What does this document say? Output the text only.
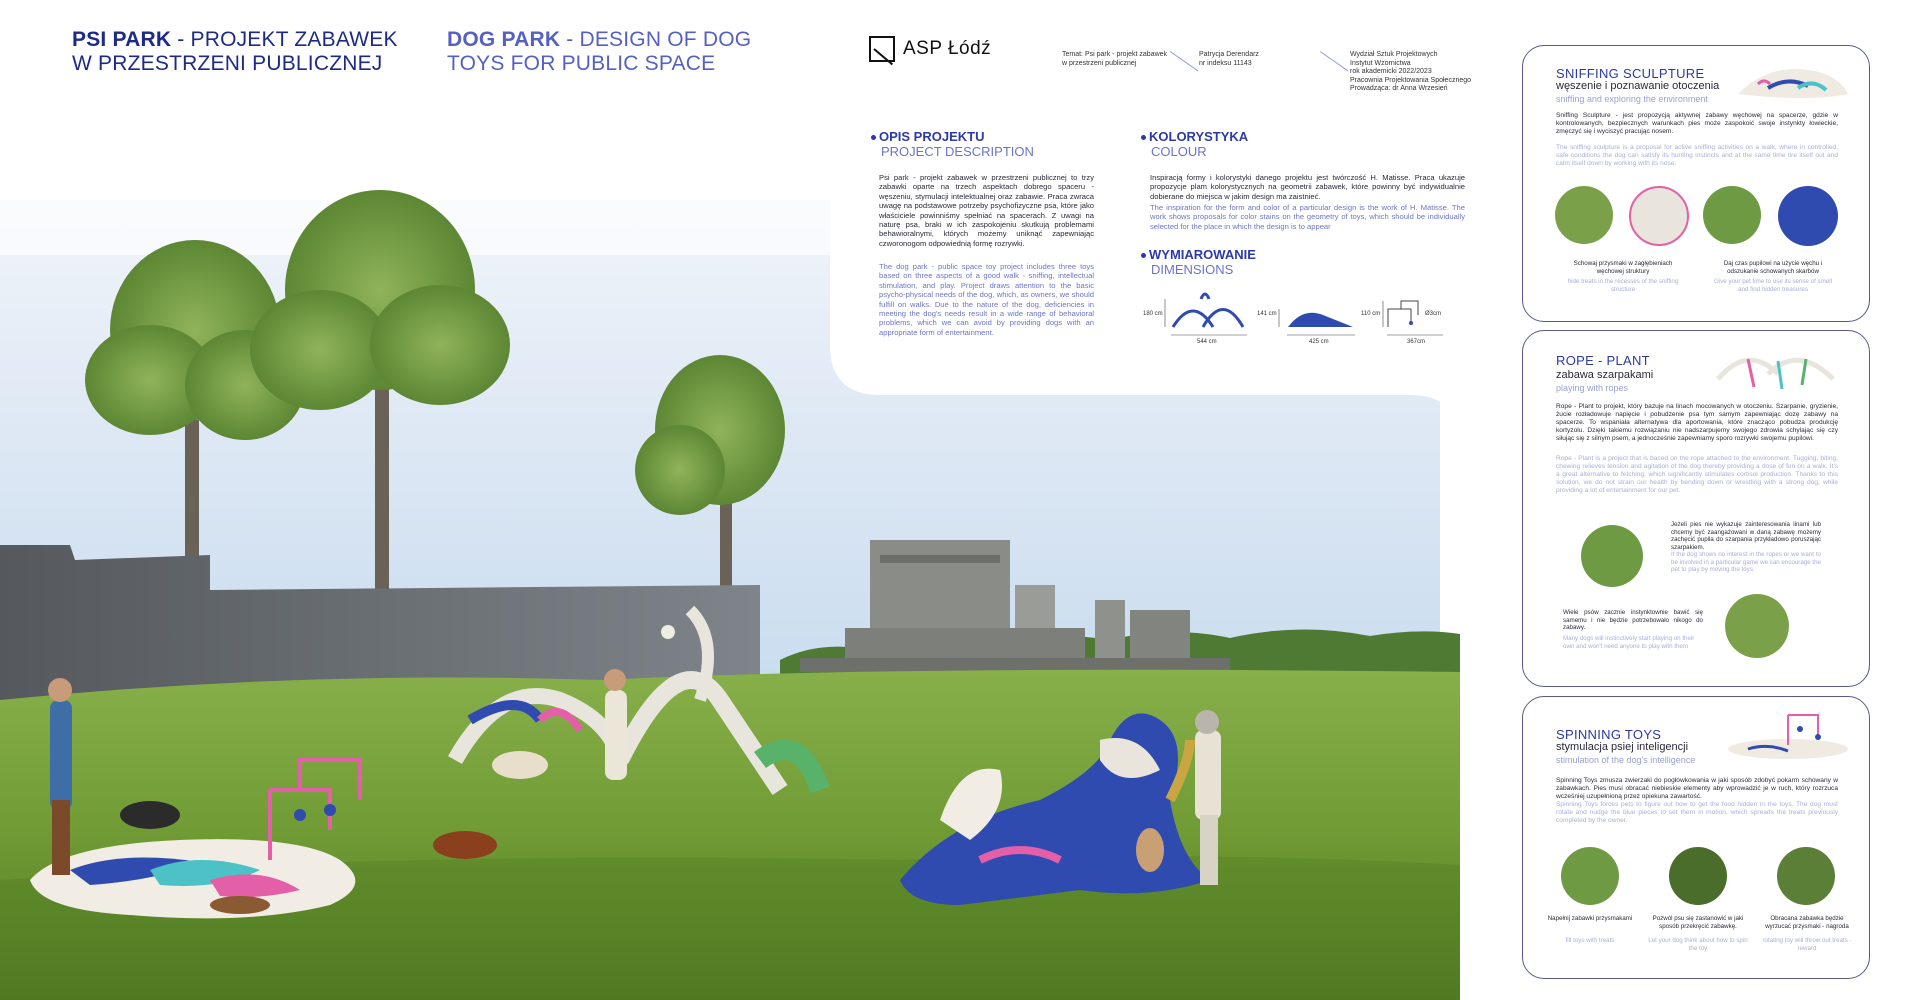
PSI PARK - PROJEKT ZABAWEK
W PRZESTRZENI PUBLICZNEJ
DOG PARK - DESIGN OF DOG
TOYS FOR PUBLIC SPACE
ASP Łódź	Temat: Psi park - projekt zabawek
w przestrzeni publicznej
Patrycja Derendarz
nr indeksu 11143
Wydział Sztuk Projektowych
Instytut Wzornictwa
rok akademicki 2022/2023
Pracownia Projektowania Społecznego
Prowadząca: dr Anna Wrzesień
OPIS PROJEKTU
PROJECT DESCRIPTION
Psi park - projekt zabawek w przestrzeni publicznej to trzy zabawki oparte na trzech aspektach dobrego spaceru - węszeniu, stymulacji intelektualnej oraz zabawie. Praca zwraca uwagę na podstawowe potrzeby psychofizyczne psa, które jako właściciele powinniśmy spełniać na spacerach. Z uwagi na naturę psa, braki w ich zaspokojeniu skutkują problemami behawioralnymi, których możemy uniknąć zapewniając czworonogom odpowiednią formę rozrywki.
The dog park - public space toy project includes three toys based on three aspects of a good walk - sniffing, intellectual stimulation, and play. Project draws attention to the basic psycho-physical needs of the dog, which, as owners, we should fulfill on walks. Due to the nature of the dog, deficiencies in meeting the dog's needs result in a wide range of behavioral problems, which we can avoid by providing dogs with an appropriate form of entertainment.
KOLORYSTYKA
COLOUR
Inspiracją formy i kolorystyki danego projektu jest twórczość H. Matisse. Praca ukazuje propozycje plam kolorystycznych na geometrii zabawek, które powinny być indywidualnie dobierane do miejsca w jakim design ma zaistnieć.
The inspiration for the form and color of a particular design is the work of H. Matisse. The work shows proposals for color stains on the geometry of toys, which should be individually selected for the place in which the design is to appear
WYMIAROWANIE
DIMENSIONS
180 cm
544 cm
141 cm
425 cm
110 cm	Ø3cm
367cm
SNIFFING SCULPTURE
węszenie i poznawanie otoczenia
sniffing and exploring the environment
Sniffing Sculpture - jest propozycją aktywnej zabawy węchowej na spacerze, gdzie w kontrolowanych, bezpiecznych warunkach pies może zaspokoić swoje instynkty łowieckie, zmęczyć się i wyciszyć pracując nosem.
The sniffing sculpture is a proposal for active sniffing activities on a walk, where in controlled, safe conditions the dog can satisfy its hunting instincts and at the same time tire itself out and calm itself down by working with its nose.
Schowaj przysmaki w zagłębieniach węchowej struktury
hide treats in the recesses of the sniffing structure
Daj czas pupilowi na użycie węchu i odszukanie schowanych skarbów
Give your pet time to use its sense of smell and find hidden treasures
ROPE - PLANT
zabawa szarpakami
playing with ropes
Rope - Plant to projekt, który bazuje na linach mocowanych w otoczeniu. Szarpanie, gryzienie, żucie rozładowuje napięcie i pobudzenie psa tym samym zapewniając dozę zabawy na spacerze. To wspaniała alternatywa dla aportowania, które znacząco pobudza produkcję kortyzolu. Dzięki takiemu rozwiązaniu nie nadszarpujemy swojego zdrowia schylając się czy siłując się z silnym psem, a jednocześnie zapewniamy sporo rozrywki swojemu pupilowi.
Rope - Plant is a project that is based on the rope attached to the environment. Tugging, biting, chewing relieves tension and agitation of the dog thereby providing a dose of fun on a walk. It's a great alternative to fetching, which significantly stimulates cortisol production. Thanks to this solution, we do not strain our health by bending down or wrestling with a strong dog, while providing a lot of entertainment for our pet.
Jeżeli pies nie wykazuje zainteresowania linami lub chcemy być zaangażowani w daną zabawę możemy zachęcić pupila do szarpania przykładowo poruszając szarpakiem.
If the dog shows no interest in the ropes or we want to be involved in a particular game we can encourage the pet to play by moving the toys.
Wiele psów zacznie instynktownie bawić się samemu i nie będzie potrzebowało nikogo do zabawy.
Many dogs will instinctively start playing on their own and won't need anyone to play with them
SPINNING TOYS
stymulacja psiej inteligencji
stimulation of the dog's intelligence
Spinning Toys zmusza zwierzaki do pogłówkowania w jaki sposób zdobyć pokarm schowany w zabawkach. Pies musi obracać niebieskie elementy aby wprowadzić je w ruch, który rozrzuca wcześniej uzupełnioną przez opiekuna zawartość.
Spinning Toys forces pets to figure out how to get the food hidden in the toys. The dog must rotate and nudge the blue pieces to set them in motion, which spreads the treats previously completed by the owner.
Napełnij zabawki przysmakami
fill toys with treats
Pozwól psu się zastanowić w jaki sposób przekręcić zabawkę.
Let your dog think about how to spin the toy
Obracana zabawka będzie wyrzucać przysmaki - nagroda
rotating toy will throw out treats - reward
